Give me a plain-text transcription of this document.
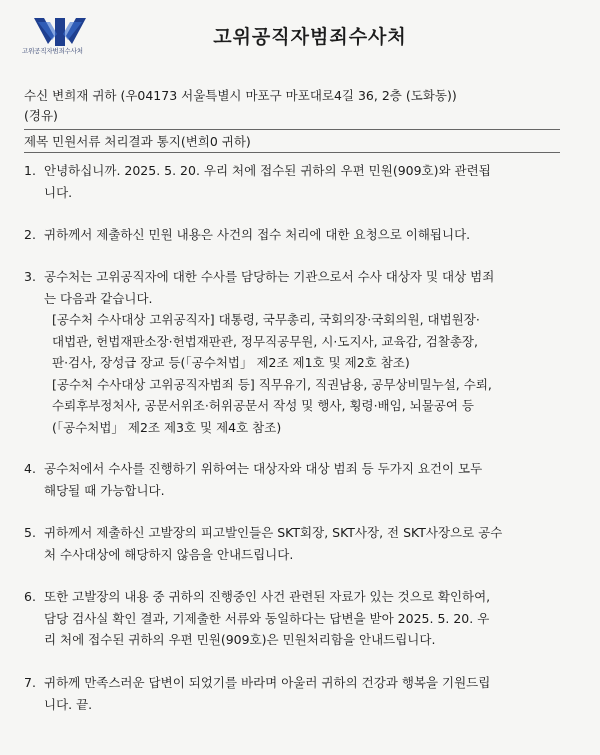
고위공직자범죄수사처
고위공직자범죄수사처
수신 변희재 귀하 (우04173 서울특별시 마포구 마포대로4길 36, 2층 (도화동))
(경유)
제목 민원서류 처리결과 통지(변희0 귀하)
1. 안녕하십니까. 2025. 5. 20. 우리 처에 접수된 귀하의 우편 민원(909호)와 관련됩
니다.
2. 귀하께서 제출하신 민원 내용은 사건의 접수 처리에 대한 요청으로 이해됩니다.
3. 공수처는 고위공직자에 대한 수사를 담당하는 기관으로서 수사 대상자 및 대상 범죄
는 다음과 같습니다.
[공수처 수사대상 고위공직자] 대통령, 국무총리, 국회의장·국회의원, 대법원장·
대법관, 헌법재판소장·헌법재판관, 정무직공무원, 시·도지사, 교육감, 검찰총장,
판·검사, 장성급 장교 등(「공수처법」 제2조 제1호 및 제2호 참조)
[공수처 수사대상 고위공직자범죄 등] 직무유기, 직권남용, 공무상비밀누설, 수뢰,
수뢰후부정처사, 공문서위조·허위공문서 작성 및 행사, 횡령·배임, 뇌물공여 등
(「공수처법」 제2조 제3호 및 제4호 참조)
4. 공수처에서 수사를 진행하기 위하여는 대상자와 대상 범죄 등 두가지 요건이 모두
해당될 때 가능합니다.
5. 귀하께서 제출하신 고발장의 피고발인들은 SKT회장, SKT사장, 전 SKT사장으로 공수
처 수사대상에 해당하지 않음을 안내드립니다.
6. 또한 고발장의 내용 중 귀하의 진행중인 사건 관련된 자료가 있는 것으로 확인하여,
담당 검사실 확인 결과, 기제출한 서류와 동일하다는 답변을 받아 2025. 5. 20. 우
리 처에 접수된 귀하의 우편 민원(909호)은 민원처리함을 안내드립니다.
7. 귀하께 만족스러운 답변이 되었기를 바라며 아울러 귀하의 건강과 행복을 기원드립
니다. 끝.
